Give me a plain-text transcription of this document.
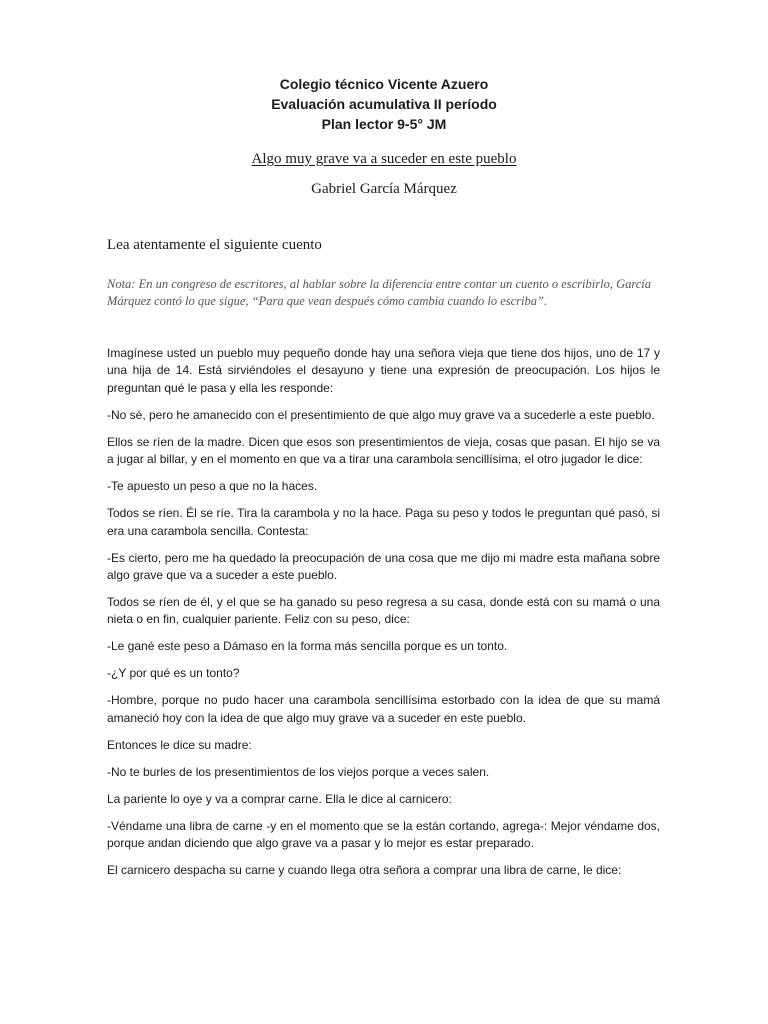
Colegio técnico Vicente Azuero
Evaluación acumulativa II período
Plan lector 9-5° JM
Algo muy grave va a suceder en este pueblo
Gabriel García Márquez
Lea atentamente el siguiente cuento
Nota: En un congreso de escritores, al hablar sobre la diferencia entre contar un cuento o escribirlo, García Márquez contó lo que sigue, “Para que vean después cómo cambia cuando lo escriba”.

Imagínese usted un pueblo muy pequeño donde hay una señora vieja que tiene dos hijos, uno de 17 y una hija de 14. Está sirviéndoles el desayuno y tiene una expresión de preocupación. Los hijos le preguntan qué le pasa y ella les responde:

-No sé, pero he amanecido con el presentimiento de que algo muy grave va a sucederle a este pueblo.

Ellos se ríen de la madre. Dicen que esos son presentimientos de vieja, cosas que pasan. El hijo se va a jugar al billar, y en el momento en que va a tirar una carambola sencillísima, el otro jugador le dice:

-Te apuesto un peso a que no la haces.

Todos se ríen. Él se ríe. Tira la carambola y no la hace. Paga su peso y todos le preguntan qué pasó, si era una carambola sencilla. Contesta:

-Es cierto, pero me ha quedado la preocupación de una cosa que me dijo mi madre esta mañana sobre algo grave que va a suceder a este pueblo.

Todos se ríen de él, y el que se ha ganado su peso regresa a su casa, donde está con su mamá o una nieta o en fin, cualquier pariente. Feliz con su peso, dice:

-Le gané este peso a Dámaso en la forma más sencilla porque es un tonto.

-¿Y por qué es un tonto?

-Hombre, porque no pudo hacer una carambola sencillísima estorbado con la idea de que su mamá amaneció hoy con la idea de que algo muy grave va a suceder en este pueblo.

Entonces le dice su madre:

-No te burles de los presentimientos de los viejos porque a veces salen.

La pariente lo oye y va a comprar carne. Ella le dice al carnicero:

-Véndame una libra de carne -y en el momento que se la están cortando, agrega-: Mejor véndame dos, porque andan diciendo que algo grave va a pasar y lo mejor es estar preparado.

El carnicero despacha su carne y cuando llega otra señora a comprar una libra de carne, le dice:
